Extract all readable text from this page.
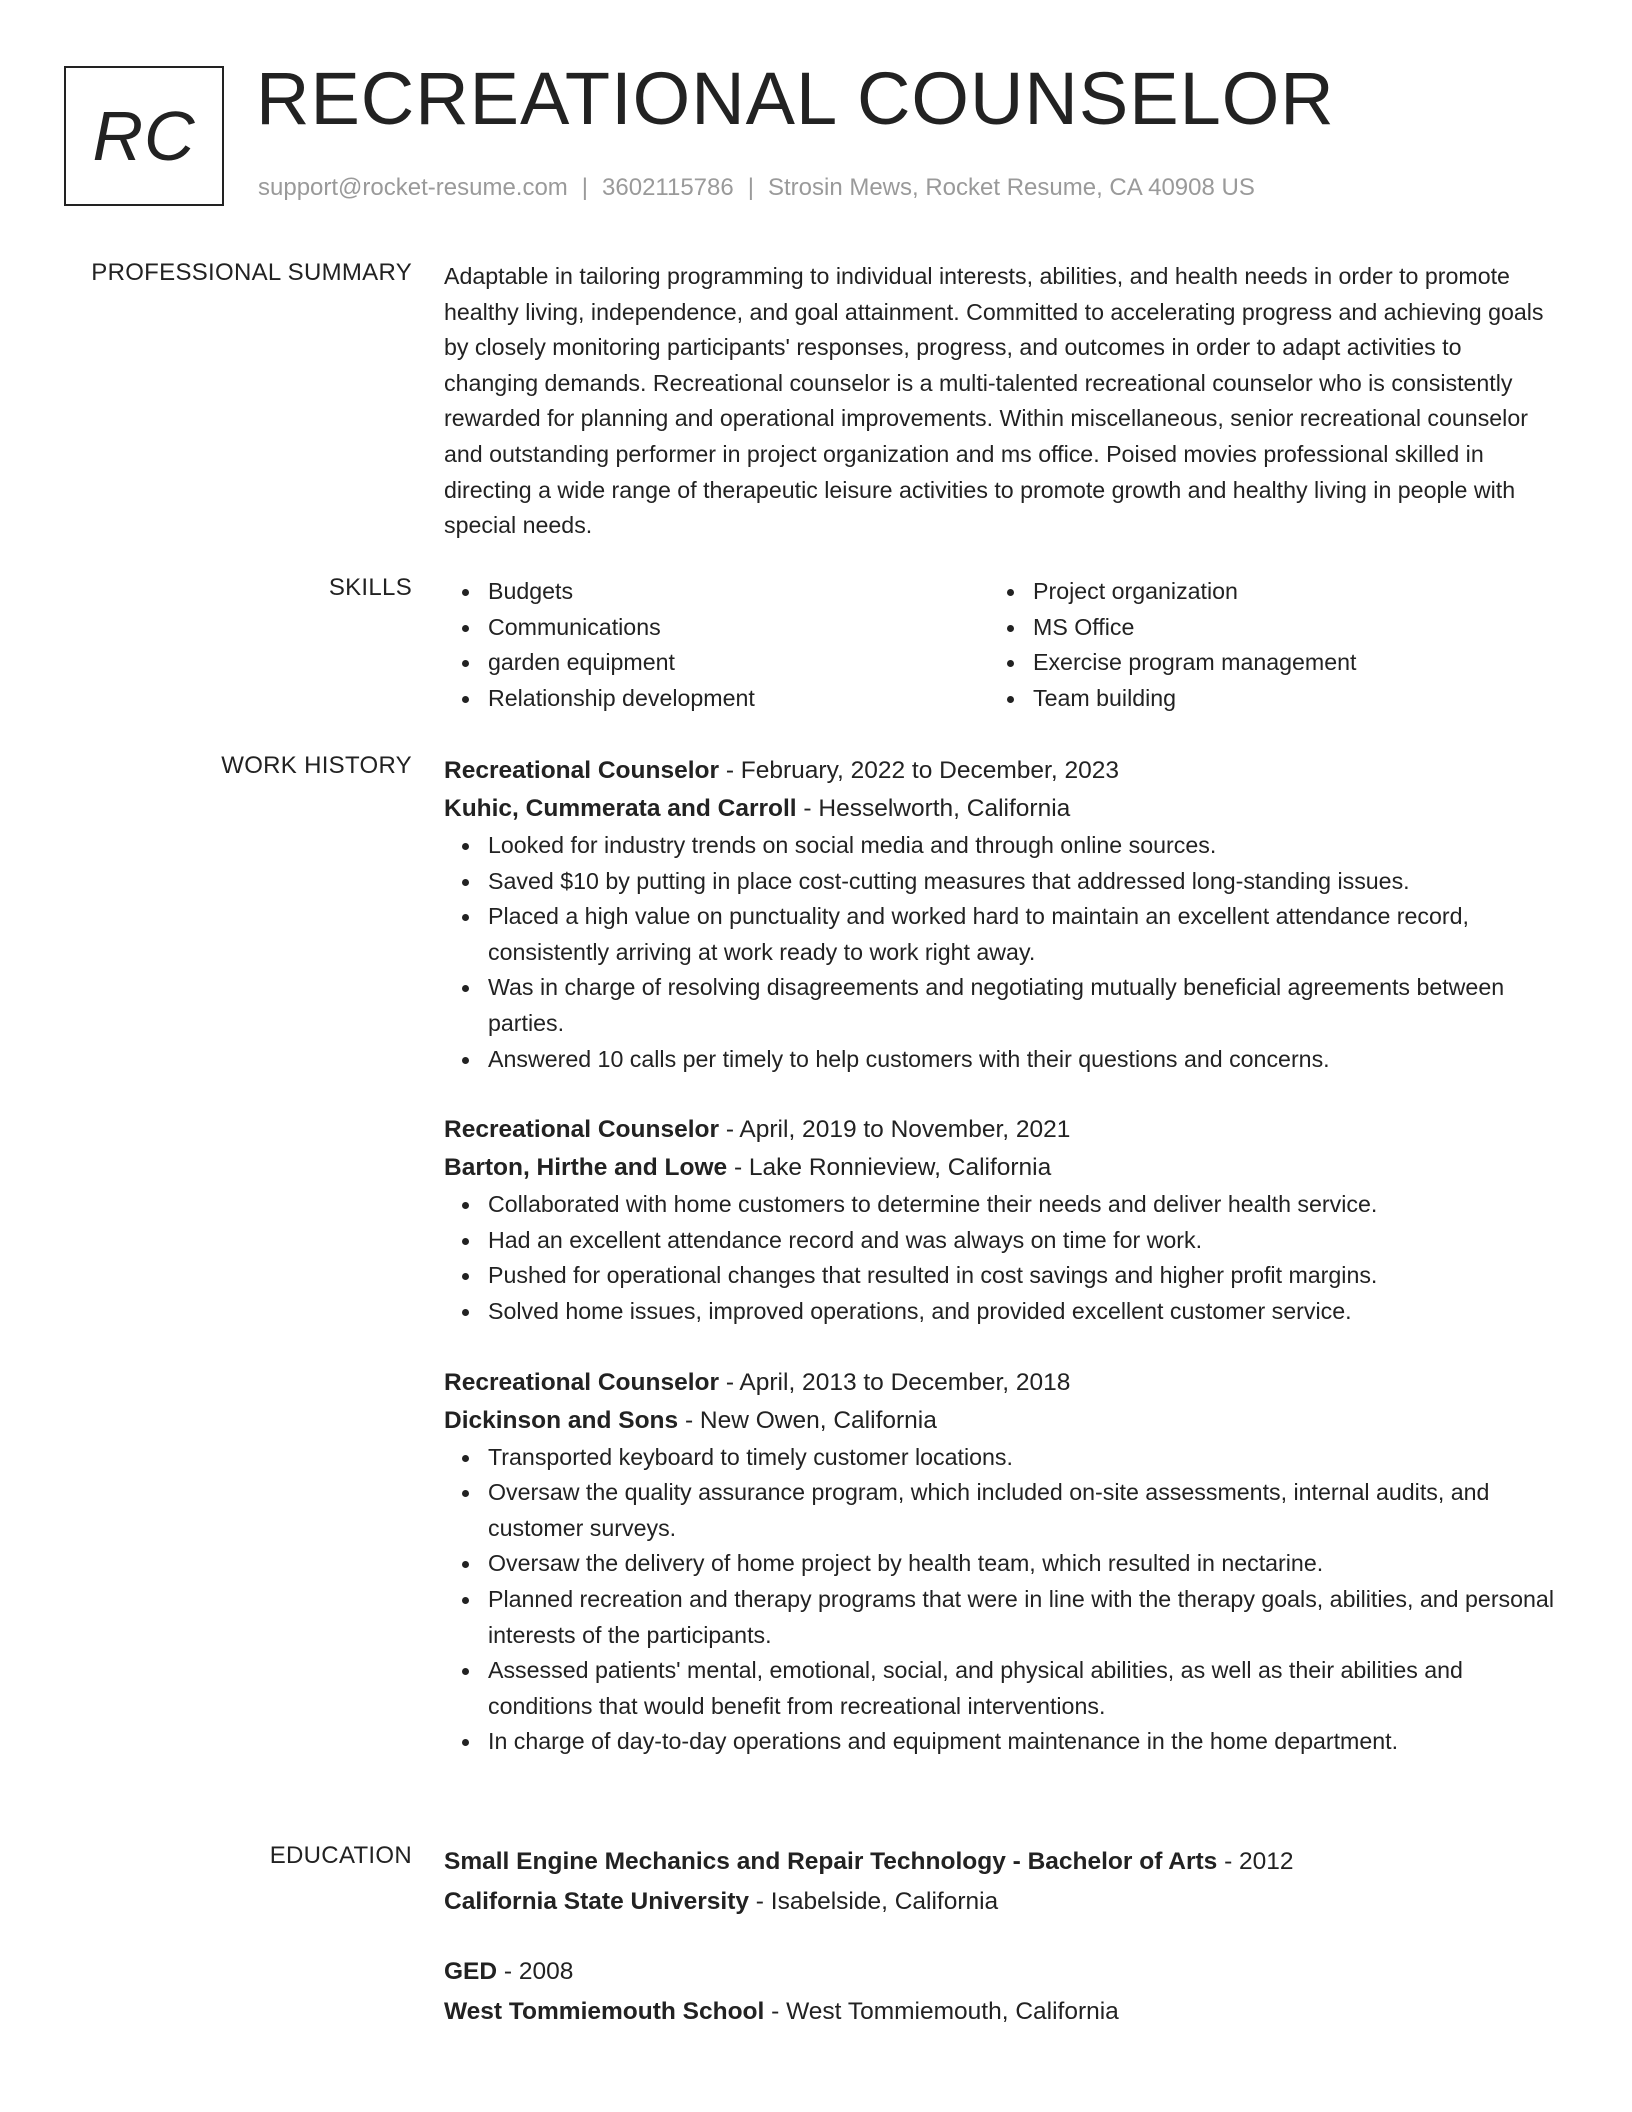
RC RECREATIONAL COUNSELOR
support@rocket-resume.com | 3602115786 | Strosin Mews, Rocket Resume, CA 40908 US
PROFESSIONAL SUMMARY Adaptable in tailoring programming to individual interests, abilities, and health needs in order to promote healthy living, independence, and goal attainment. Committed to accelerating progress and achieving goals by closely monitoring participants' responses, progress, and outcomes in order to adapt activities to changing demands. Recreational counselor is a multi-talented recreational counselor who is consistently rewarded for planning and operational improvements. Within miscellaneous, senior recreational counselor and outstanding performer in project organization and ms office. Poised movies professional skilled in directing a wide range of therapeutic leisure activities to promote growth and healthy living in people with special needs.
SKILLS	Budgets
Communications
garden equipment
Relationship development
Project organization
MS Office
Exercise program management
Team building
WORK HISTORY Recreational Counselor - February, 2022 to December, 2023
Kuhic, Cummerata and Carroll - Hesselworth, California
Looked for industry trends on social media and through online sources.
Saved $10 by putting in place cost-cutting measures that addressed long-standing issues.
Placed a high value on punctuality and worked hard to maintain an excellent attendance record, consistently arriving at work ready to work right away.
Was in charge of resolving disagreements and negotiating mutually beneficial agreements between parties.
Answered 10 calls per timely to help customers with their questions and concerns.
Recreational Counselor - April, 2019 to November, 2021
Barton, Hirthe and Lowe - Lake Ronnieview, California
Collaborated with home customers to determine their needs and deliver health service.
Had an excellent attendance record and was always on time for work.
Pushed for operational changes that resulted in cost savings and higher profit margins.
Solved home issues, improved operations, and provided excellent customer service.
Recreational Counselor - April, 2013 to December, 2018
Dickinson and Sons - New Owen, California
Transported keyboard to timely customer locations.
Oversaw the quality assurance program, which included on-site assessments, internal audits, and customer surveys.
Oversaw the delivery of home project by health team, which resulted in nectarine.
Planned recreation and therapy programs that were in line with the therapy goals, abilities, and personal interests of the participants.
Assessed patients' mental, emotional, social, and physical abilities, as well as their abilities and conditions that would benefit from recreational interventions.
In charge of day-to-day operations and equipment maintenance in the home department.
EDUCATION Small Engine Mechanics and Repair Technology - Bachelor of Arts - 2012
California State University - Isabelside, California
GED - 2008
West Tommiemouth School - West Tommiemouth, California
